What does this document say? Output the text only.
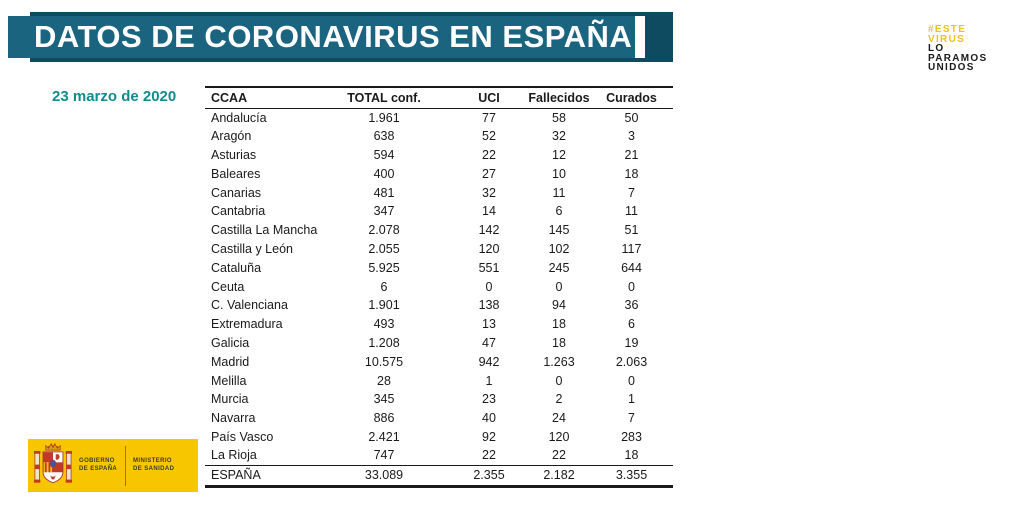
DATOS DE CORONAVIRUS EN ESPAÑA	#ESTE
VIRUS
LO
PARAMOS
UNIDOS
23 marzo de 2020	CCAA	TOTAL conf.	UCI	Fallecidos	Curados
Andalucía	1.961	77	58	50
Aragón	638	52	32	3
Asturias	594	22	12	21
Baleares	400	27	10	18
Canarias	481	32	11	7
Cantabria	347	14	6	11
Castilla La Mancha	2.078	142	145	51
Castilla y León	2.055	120	102	117
Cataluña	5.925	551	245	644
Ceuta	6	0	0	0
C. Valenciana	1.901	138	94	36
Extremadura	493	13	18	6
Galicia	1.208	47	18	19
Madrid	10.575	942	1.263	2.063
Melilla	28	1	0	0
Murcia	345	23	2	1
Navarra	886	40	24	7
País Vasco	2.421	92	120	283
La Rioja	747	22	22	18
ESPAÑA	33.089	2.355	2.182	3.355
GOBIERNO
DE ESPAÑA
MINISTERIO
DE SANIDAD
